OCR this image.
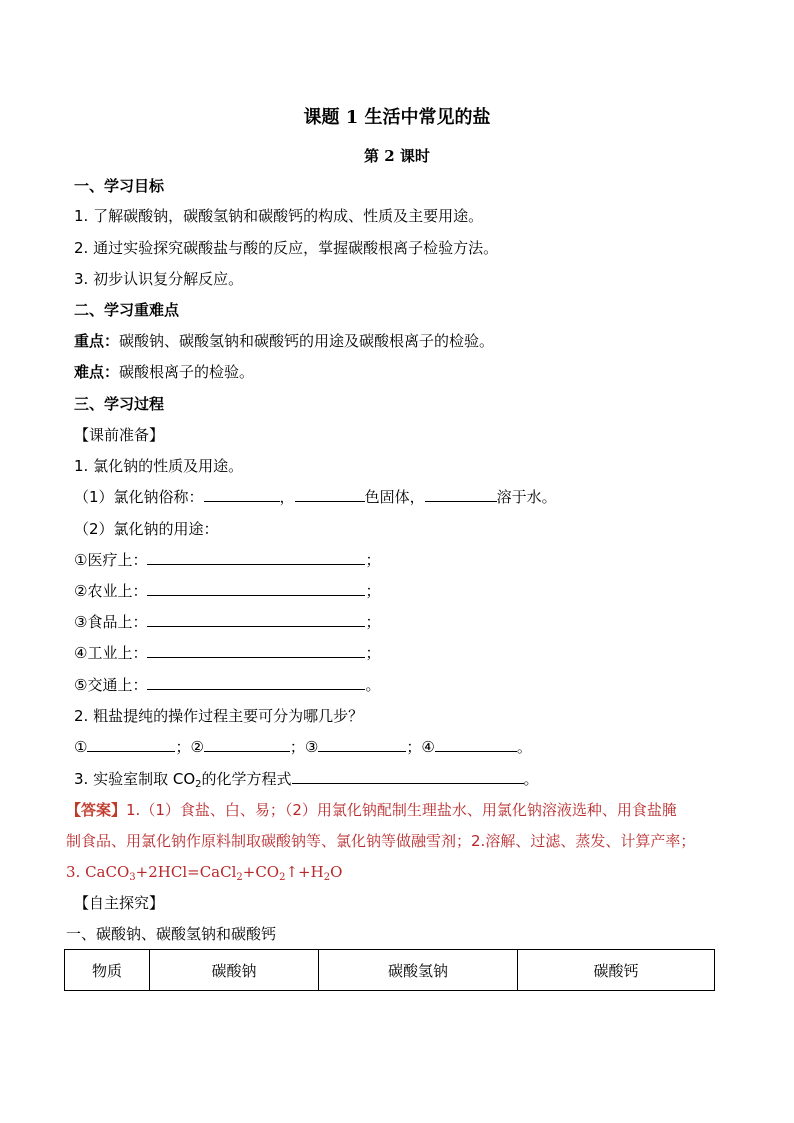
课题 1 生活中常见的盐
第 2 课时
一、学习目标
1. 了解碳酸钠，碳酸氢钠和碳酸钙的构成、性质及主要用途。
2. 通过实验探究碳酸盐与酸的反应，掌握碳酸根离子检验方法。
3. 初步认识复分解反应。
二、学习重难点
重点：碳酸钠、碳酸氢钠和碳酸钙的用途及碳酸根离子的检验。
难点：碳酸根离子的检验。
三、学习过程
【课前准备】
1. 氯化钠的性质及用途。
（1）氯化钠俗称：	，	色固体，	溶于水。
（2）氯化钠的用途：
①医疗上：	；
②农业上：	；
③食品上：	；
④工业上：	；
⑤交通上：	。
2. 粗盐提纯的操作过程主要可分为哪几步？
①	；②	；③	；④	。
3. 实验室制取 $CO_2$的化学方程式	。
【答案】1.（1）食盐、白、易；（2）用氯化钠配制生理盐水、用氯化钠溶液选种、用食盐腌
制食品、用氯化钠作原料制取碳酸钠等、氯化钠等做融雪剂；2.溶解、过滤、蒸发、计算产率；
3. $CaCO_3+2HCl=CaCl_2+CO_2↑+H_2O$
【自主探究】
一、碳酸钠、碳酸氢钠和碳酸钙
物质	碳酸钠	碳酸氢钠	碳酸钙
